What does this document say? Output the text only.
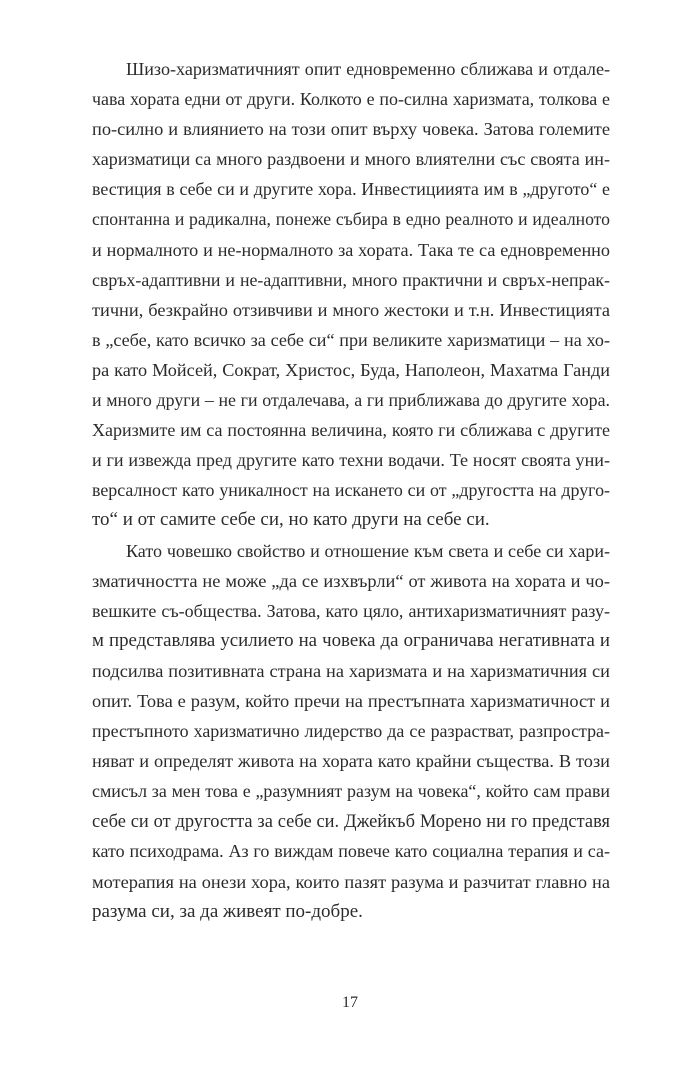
Шизо-харизматичният опит едновременно сближава и отдале-
чава хората едни от други. Колкото е по-силна харизмата, толкова е
по-силно и влиянието на този опит върху човека. Затова големите
харизматици са много раздвоени и много влиятелни със своята ин-
вестиция в себе си и другите хора. Инвестициията им в „другото“ е
спонтанна и радикална, понеже събира в едно реалното и идеалното
и нормалното и не-нормалното за хората. Така те са едновременно
свръх-адаптивни и не-адаптивни, много практични и свръх-непрак-
тични, безкрайно отзивчиви и много жестоки и т.н. Инвестицията
в „себе, като всичко за себе си“ при великите харизматици – на хо-
ра като Мойсей, Сократ, Христос, Буда, Наполеон, Махатма Ганди
и много други – не ги отдалечава, а ги приближава до другите хора.
Харизмите им са постоянна величина, която ги сближава с другите
и ги извежда пред другите като техни водачи. Те носят своята уни-
версалност като уникалност на искането си от „другостта на друго-
то“ и от самите себе си, но като други на себе си.
Като човешко свойство и отношение към света и себе си хари-
зматичността не може „да се изхвърли“ от живота на хората и чо-
вешките съ-общества. Затова, като цяло, антихаризматичният разу-
м представлява усилието на човека да ограничава негативната и
подсилва позитивната страна на харизмата и на харизматичния си
опит. Това е разум, който пречи на престъпната харизматичност и
престъпното харизматично лидерство да се разрастват, разпростра-
няват и определят живота на хората като крайни същества. В този
смисъл за мен това е „разумният разум на човека“, който сам прави
себе си от другостта за себе си. Джейкъб Морено ни го представя
като психодрама. Аз го виждам повече като социална терапия и са-
мотерапия на онези хора, които пазят разума и разчитат главно на
разума си, за да живеят по-добре.
17
